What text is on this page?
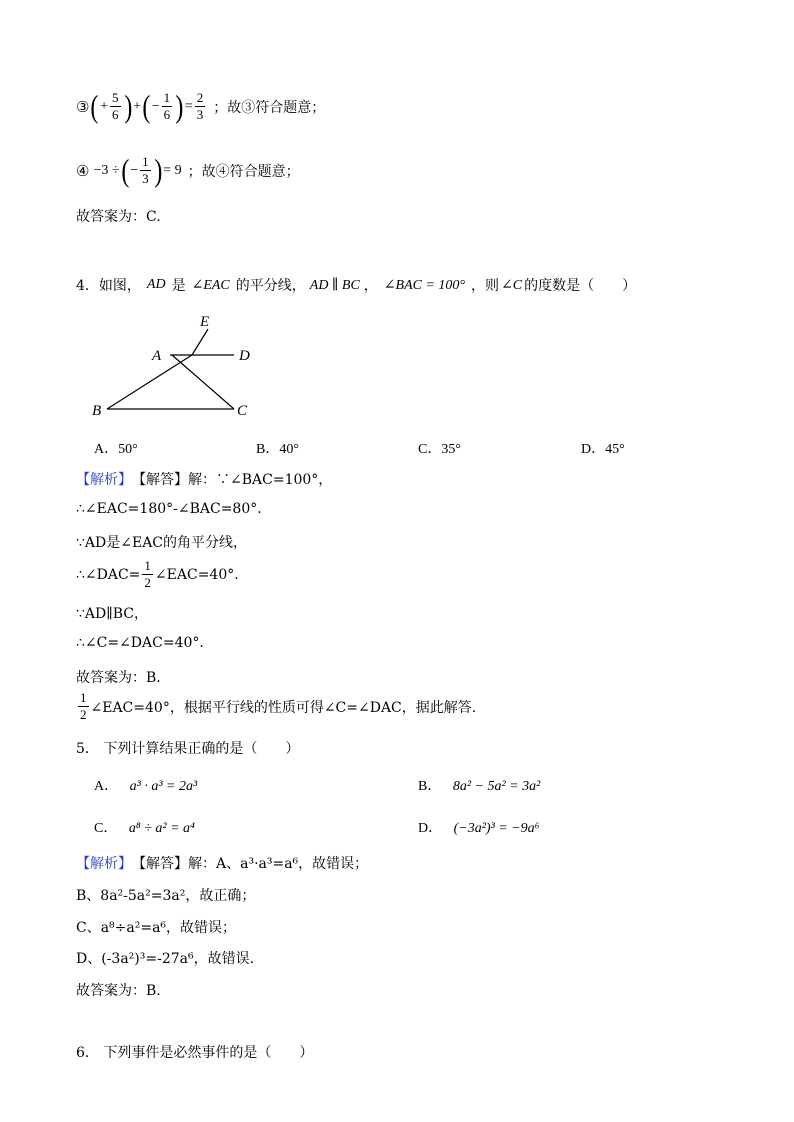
③ ( + $\frac{5}{6}$ ) + ( − $\frac{1}{6}$ ) = $\frac{2}{3}$ ；故③符合题意；
④ −3 ÷ ( − $\frac{1}{3}$ ) = 9 ；故④符合题意；
故答案为：C.
4． 如图， AD 是 ∠EAC 的平分线， AD ∥ BC ， ∠BAC = 100° ，则 ∠C 的度数是（　　）
E
A	D
B	C
A．50°	B．40°	C．35°	D．45°
【解析】 【解答】 解：∵∠BAC=100°，
∴∠EAC=180°-∠BAC=80°.
∵AD是∠EAC的角平分线，
∴∠DAC= $\frac{1}{2}$ ∠EAC=40°.
∵AD∥BC，
∴∠C=∠DAC=40°.
故答案为：B.
$\frac{1}{2}$ ∠EAC=40°，根据平行线的性质可得∠C=∠DAC，据此解答.
5． 下列计算结果正确的是（　　）
A． a³ · a³ = 2a³	B． 8a² − 5a² = 3a²
C． a⁸ ÷ a² = a⁴	D． (−3a²)³ = −9a⁶
【解析】 【解答】 解：A、a³·a³=a⁶，故错误；
B、8a²-5a²=3a²，故正确；
C、a⁸÷a²=a⁶，故错误；
D、(-3a²)³=-27a⁶，故错误.
故答案为：B.
6． 下列事件是必然事件的是（　　）
